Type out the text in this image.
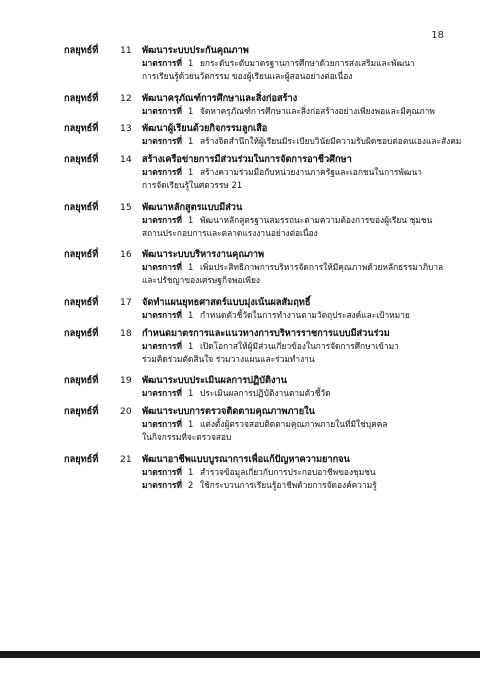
18
กลยุทธ์ที่	11	พัฒนาระบบประกันคุณภาพ
มาตรการที่ 1 ยกระดับระดับมาตรฐานการศึกษาด้วยการส่งเสริมและพัฒนา
การเรียนรู้ด้วยนวัตกรรม ของผู้เรียนและผู้สอนอย่างต่อเนื่อง
กลยุทธ์ที่	12	พัฒนาครุภัณฑ์การศึกษาและสิ่งก่อสร้าง
มาตรการที่ 1 จัดหาครุภัณฑ์การศึกษาและสิ่งก่อสร้างอย่างเพียงพอและมีคุณภาพ
กลยุทธ์ที่	13	พัฒนาผู้เรียนด้วยกิจกรรมลูกเสือ
มาตรการที่ 1 สร้างจิตสำนึกให้ผู้เรียนมีระเบียบวินัยมีความรับผิดชอบต่อตนเองและสังคม
กลยุทธ์ที่	14	สร้างเครือข่ายการมีส่วนร่วมในการจัดการอาชีวศึกษา
มาตรการที่ 1 สร้างความร่วมมือกับหน่วยงานภาครัฐและเอกชนในการพัฒนา
การจัดเรียนรู้ในศตวรรษ 21
กลยุทธ์ที่	15	พัฒนาหลักสูตรแบบมีส่วน
มาตรการที่ 1 พัฒนาหลักสูตรฐานสมรรถนะตามความต้องการของผู้เรียน ชุมชน
สถานประกอบการและตลาดแรงงานอย่างต่อเนื่อง
กลยุทธ์ที่	16	พัฒนาระบบบริหารงานคุณภาพ
มาตรการที่ 1 เพิ่มประสิทธิภาพการบริหารจัดการให้มีคุณภาพด้วยหลักธรรมาภิบาล
และปรัชญาของเศรษฐกิจพอเพียง
กลยุทธ์ที่	17	จัดทำแผนยุทธศาสตร์แบบมุ่งเน้นผลสัมฤทธิ์
มาตรการที่ 1 กำหนดตัวชี้วัดในการทำงานตามวัตถุประสงค์และเป้าหมาย
กลยุทธ์ที่	18	กำหนดมาตรการและแนวทางการบริหารราชการแบบมีส่วนร่วม
มาตรการที่ 1 เปิดโอกาสให้ผู้มีส่วนเกี่ยวข้องในการจัดการศึกษาเข้ามา
ร่วมคิดร่วมตัดสินใจ ร่วมวางแผนและร่วมทำงาน
กลยุทธ์ที่	19	พัฒนาระบบประเมินผลการปฏิบัติงาน
มาตรการที่ 1 ประเมินผลการปฏิบัติงานตามตัวชี้วัด
กลยุทธ์ที่	20	พัฒนาระบบการตรวจติดตามคุณภาพภายใน
มาตรการที่ 1 แต่งตั้งผู้ตรวจสอบติดตามคุณภาพภายในที่มีใช่บุคคล
ในกิจกรรมที่จะตรวจสอบ
กลยุทธ์ที่	21	พัฒนาอาชีพแบบบูรณาการเพื่อแก้ปัญหาความยากจน
มาตรการที่ 1 สำรวจข้อมูลเกี่ยวกับการประกอบอาชีพของชุมชน
มาตรการที่ 2 ใช้กระบวนการเรียนรู้อาชีพด้วยการจัดองค์ความรู้
